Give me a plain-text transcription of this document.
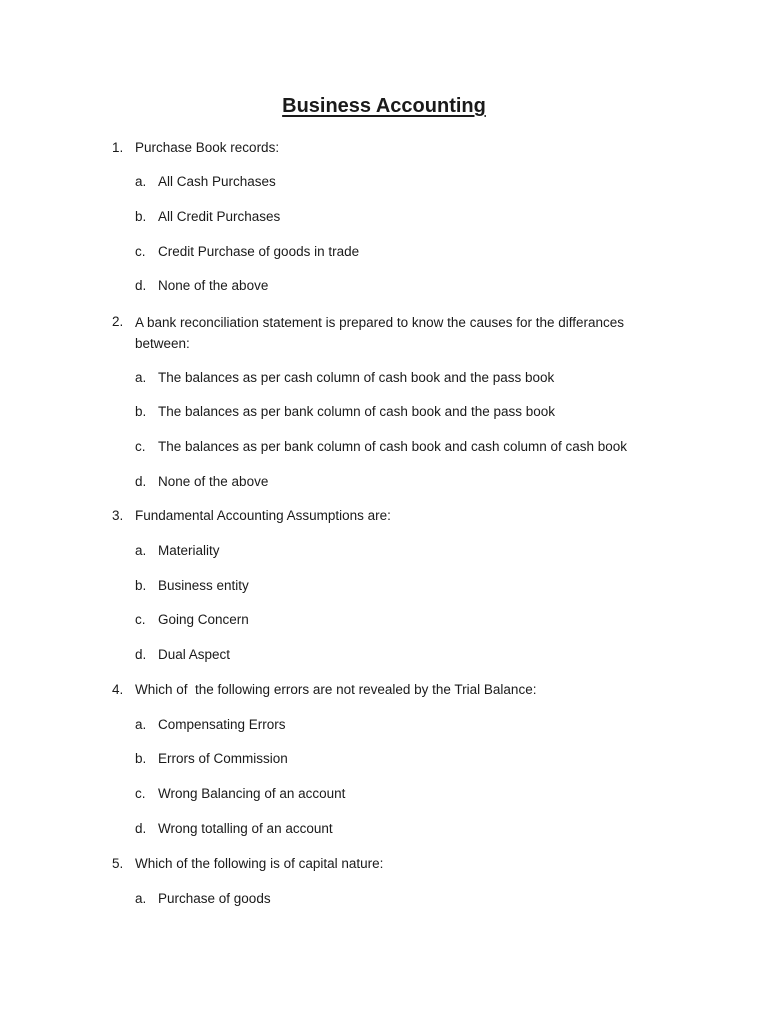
Business Accounting

1. Purchase Book records:

a. All Cash Purchases

b. All Credit Purchases

c. Credit Purchase of goods in trade

d. None of the above

2. A bank reconciliation statement is prepared to know the causes for the differances between:

a. The balances as per cash column of cash book and the pass book

b. The balances as per bank column of cash book and the pass book

c. The balances as per bank column of cash book and cash column of cash book

d. None of the above

3. Fundamental Accounting Assumptions are:

a. Materiality

b. Business entity

c. Going Concern

d. Dual Aspect

4. Which of  the following errors are not revealed by the Trial Balance:

a. Compensating Errors

b. Errors of Commission

c. Wrong Balancing of an account

d. Wrong totalling of an account

5. Which of the following is of capital nature:

a. Purchase of goods
